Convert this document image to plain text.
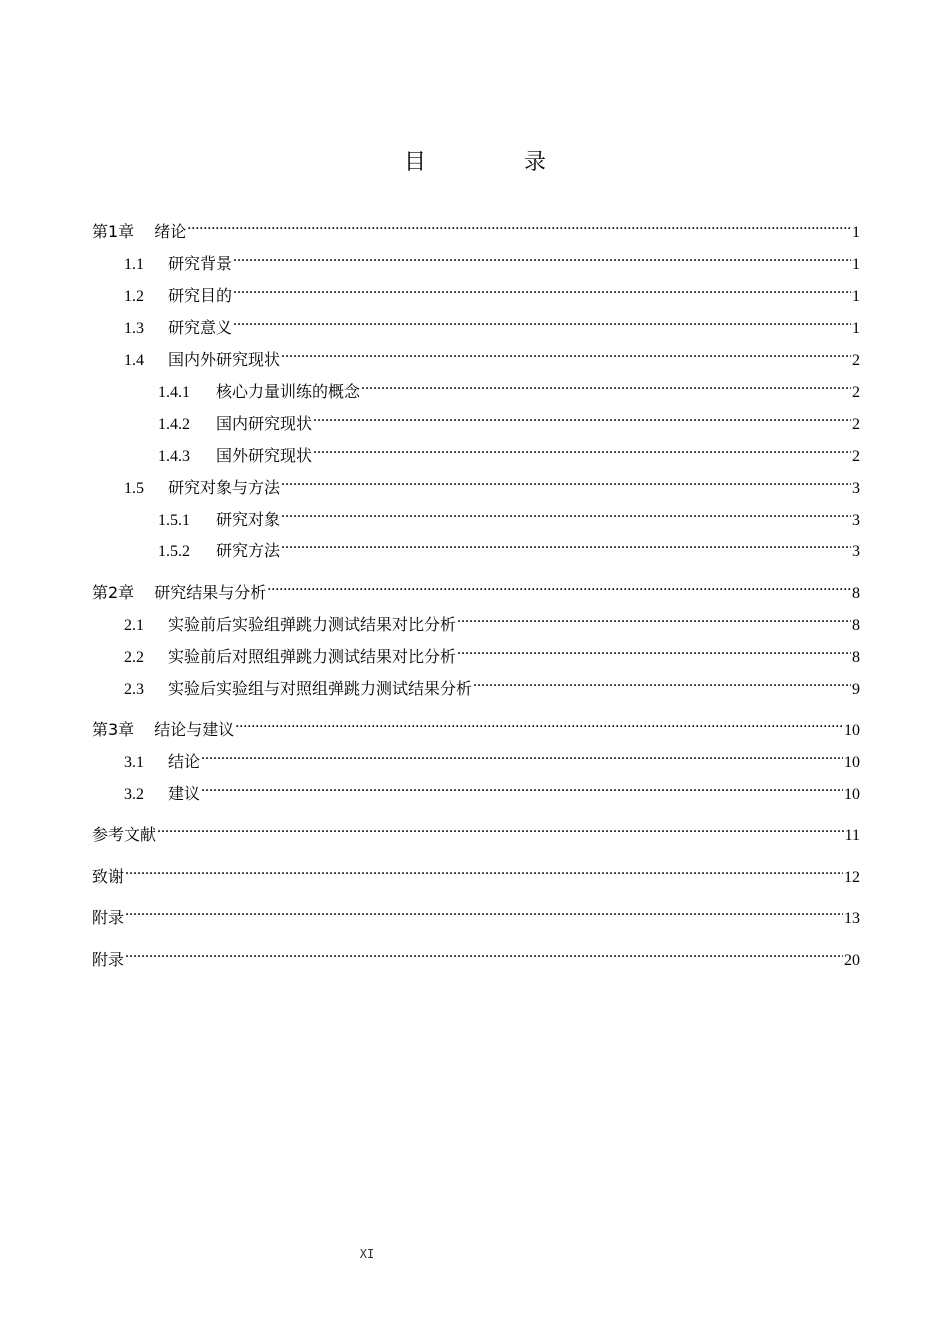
目　录
第1章 绪论 .....	1
1.1	研究背景 .....	1
1.2	研究目的 .....	1
1.3	研究意义 .....	1
1.4	国内外研究现状 .....	2
1.4.1	核心力量训练的概念 .....	2
1.4.2	国内研究现状 .....	2
1.4.3	国外研究现状 .....	2
1.5	研究对象与方法 .....	3
1.5.1	研究对象 .....	3
1.5.2	研究方法 .....	3
第2章 研究结果与分析 .....	8
2.1	实验前后实验组弹跳力测试结果对比分析 .....	8
2.2	实验前后对照组弹跳力测试结果对比分析 .....	8
2.3	实验后实验组与对照组弹跳力测试结果分析 .....	9
第3章 结论与建议 .....	10
3.1	结论 .....	10
3.2	建议 .....	10
参考文献 .....	11
致谢 .....	12
附录 .....	13
附录 .....	20
XI
